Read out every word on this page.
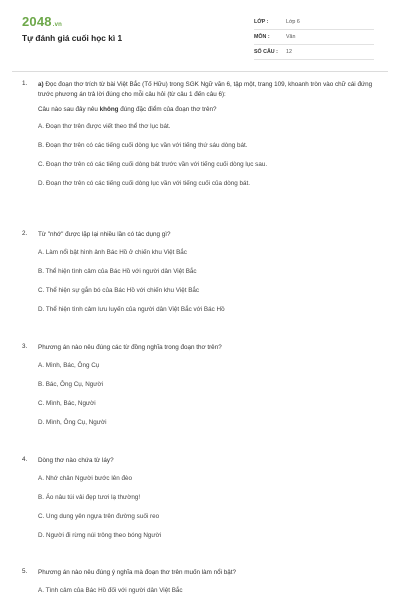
2048.vn
Tự đánh giá cuối học kì 1
LỚP :	Lớp 6
MÔN :	Văn
SỐ CÂU :	12
1. a) Đọc đoạn thơ trích từ bài Việt Bắc (Tố Hữu) trong SGK Ngữ văn 6, tập một, trang 109, khoanh tròn vào chữ cái đứng trước phương án trả lời đúng cho mỗi câu hỏi (từ câu 1 đến câu 6):
Câu nào sau đây nêu không đúng đặc điểm của đoạn thơ trên?
A. Đoạn thơ trên được viết theo thể thơ lục bát.
B. Đoạn thơ trên có các tiếng cuối dòng lục vần với tiếng thứ sáu dòng bát.
C. Đoạn thơ trên có các tiếng cuối dòng bát trước vần với tiếng cuối dòng lục sau.
D. Đoạn thơ trên có các tiếng cuối dòng lục vần với tiếng cuối của dòng bát.
2. Từ "nhớ" được lặp lại nhiều lần có tác dụng gì?
A. Làm nổi bật hình ảnh Bác Hồ ở chiến khu Việt Bắc
B. Thể hiện tình cảm của Bác Hồ với người dân Việt Bắc
C. Thể hiện sự gắn bó của Bác Hồ với chiến khu Việt Bắc
D. Thể hiện tình cảm lưu luyến của người dân Việt Bắc với Bác Hồ
3. Phương án nào nêu đúng các từ đồng nghĩa trong đoạn thơ trên?
A. Mình, Bác, Ông Cụ
B. Bác, Ông Cụ, Người
C. Mình, Bác, Người
D. Mình, Ông Cụ, Người
4. Dòng thơ nào chứa từ láy?
A. Nhớ chân Người bước lên đèo
B. Áo nâu túi vải đẹp tươi lạ thường!
C. Ung dung yên ngựa trên đường suối reo
D. Người đi rừng núi trông theo bóng Người
5. Phương án nào nêu đúng ý nghĩa mà đoạn thơ trên muốn làm nổi bật?
A. Tình cảm của Bác Hồ đối với người dân Việt Bắc
